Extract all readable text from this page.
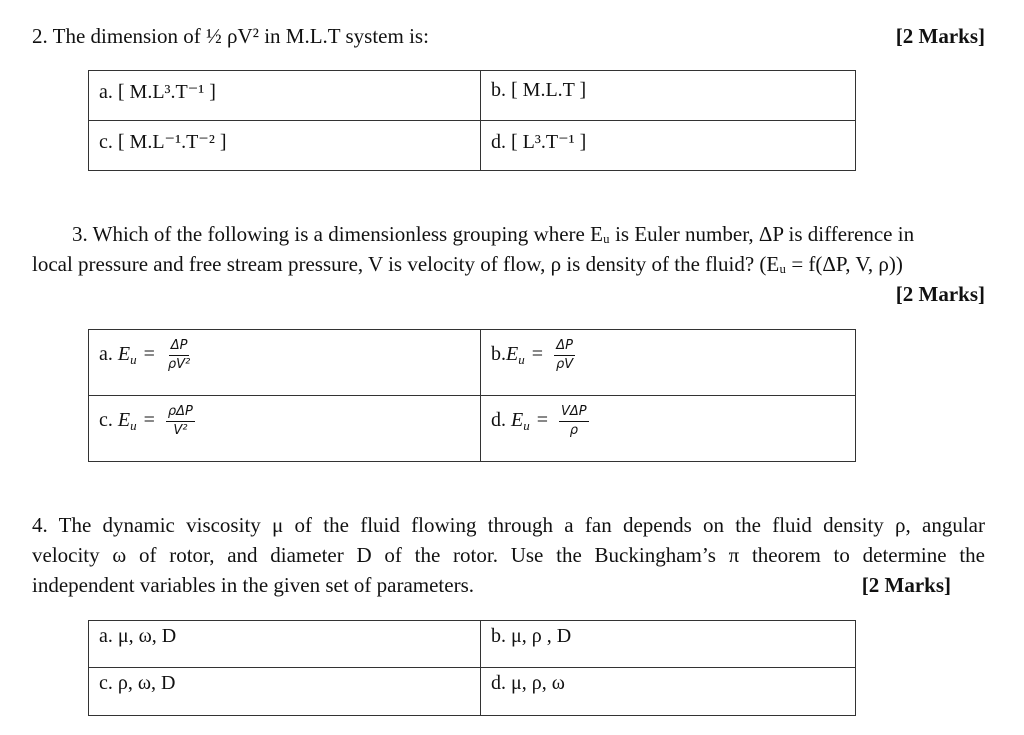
2. The dimension of ½ ρV² in M.L.T system is:	[2 Marks]
a. [ M.L³.T⁻¹ ]	b. [ M.L.T ]

c. [ M.L⁻¹.T⁻² ]	d. [ L³.T⁻¹ ]
3. Which of the following is a dimensionless grouping where Eᵤ is Euler number, ΔP is difference in
local pressure and free stream pressure, V is velocity of flow, ρ is density of the fluid? (Eᵤ = f(ΔP, V, ρ))
[2 Marks]
a. $E_u = \frac{\Delta P}{\text{ρV²}}$	$b.E_u = \frac{\Delta P}{\rho V}$

c. $E_u = \frac{\text{ρΔP}}{\text{V²}}$	d. $E_u = \frac{\text{VΔP}}{\rho}$
4. The dynamic viscosity μ of the fluid flowing through a fan depends on the fluid density ρ, angular
velocity ω of rotor, and diameter D of the rotor. Use the Buckingham’s π theorem to determine the
independent variables in the given set of parameters.	[2 Marks]
a. μ, ω, D	b. μ, ρ , D

c. ρ, ω, D	d. μ, ρ, ω
